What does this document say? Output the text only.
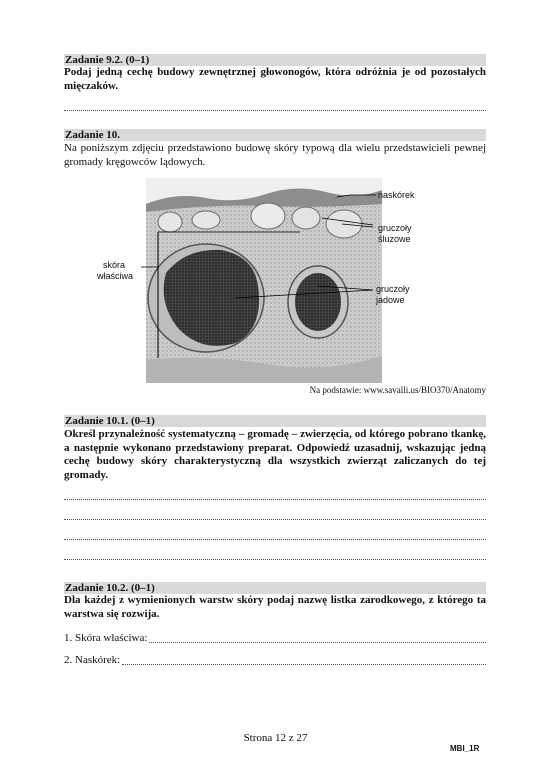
Zadanie 9.2. (0–1)
Podaj jedną cechę budowy zewnętrznej głowonogów, która odróżnia je od pozostałych mięczaków.
Zadanie 10.
Na poniższym zdjęciu przedstawiono budowę skóry typową dla wielu przedstawicieli pewnej gromady kręgowców lądowych.
naskórek
gruczoły
śluzowe
skóra
właściwa
gruczoły
jadowe
Na podstawie: www.savalli.us/BIO370/Anatomy
Zadanie 10.1. (0–1)
Określ przynależność systematyczną – gromadę – zwierzęcia, od którego pobrano tkankę, a następnie wykonano przedstawiony preparat. Odpowiedź uzasadnij, wskazując jedną cechę budowy skóry charakterystyczną dla wszystkich zwierząt zaliczanych do tej gromady.
Zadanie 10.2. (0–1)
Dla każdej z wymienionych warstw skóry podaj nazwę listka zarodkowego, z którego ta warstwa się rozwija.
1. Skóra właściwa:
2. Naskórek:
Strona 12 z 27
MBI_1R
